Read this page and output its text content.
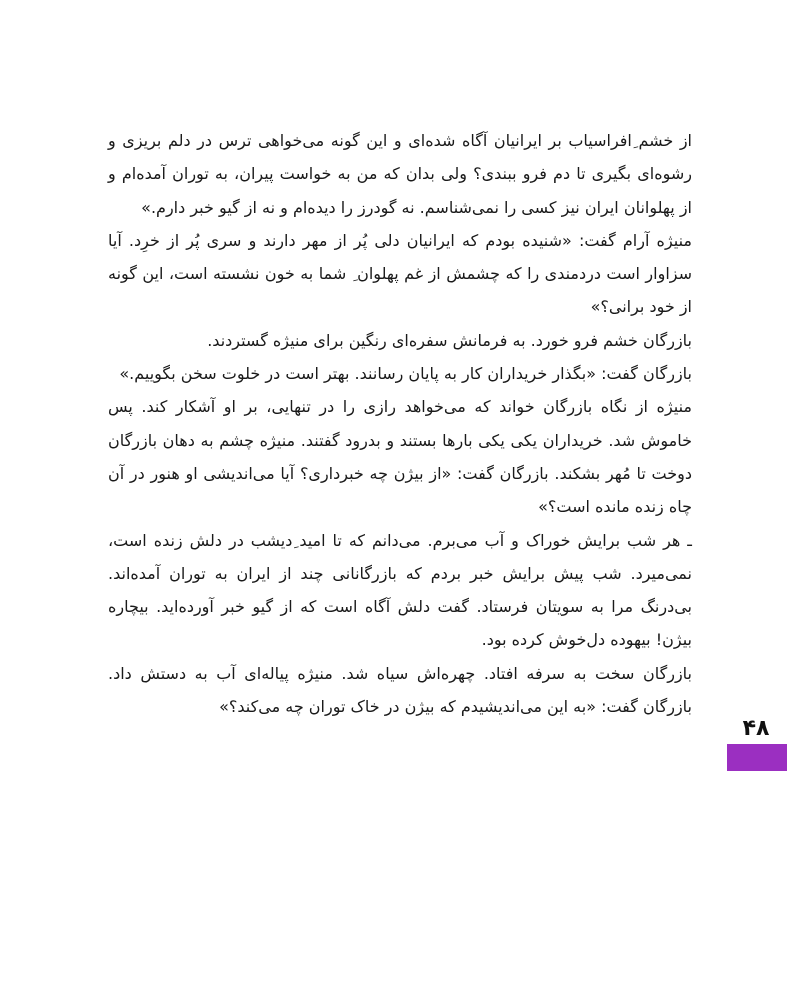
از خشم ِافراسیاب بر ایرانیان آگاه شده‌ای و این گونه می‌خواهی ترس در دلم بریزی و رشوه‌ای بگیری تا دم فرو ببندی؟ ولی بدان که من به خواست پیران، به توران آمده‌ام و از پهلوانان ایران نیز کسی را نمی‌شناسم. نه گودرز را دیده‌ام و نه از گیو خبر دارم.»

منیژه آرام گفت: «شنیده بودم که ایرانیان دلی پُر از مهر دارند و سری پُر از خرِد. آیا سزاوار است دردمندی را که چشمش از غم پهلوان ِ شما به خون نشسته است، این گونه از خود برانی؟»

بازرگان خشم فرو خورد. به فرمانش سفره‌ای رنگین برای منیژه گستردند.

بازرگان گفت: «بگذار خریداران کار به پایان رسانند. بهتر است در خلوت سخن بگوییم.»

منیژه از نگاه بازرگان خواند که می‌خواهد رازی را در تنهایی، بر او آشکار کند. پس خاموش شد. خریداران یکی یکی بارها بستند و بدرود گفتند. منیژه چشم به دهان بازرگان دوخت تا مُهر بشکند. بازرگان گفت: «از بیژن چه خبرداری؟ آیا می‌اندیشی او هنور در آن چاه زنده مانده است؟»

ـ هر شب برایش خوراک و آب می‌برم. می‌دانم که تا امید ِدیشب در دلش زنده است، نمی‌میرد. شب پیش برایش خبر بردم که بازرگانانی چند از ایران به توران آمده‌اند. بی‌درنگ مرا به سویتان فرستاد. گفت دلش آگاه است که از گیو خبر آورده‌اید. بیچاره بیژن! بیهوده دل‌خوش کرده بود.

بازرگان سخت به سرفه افتاد. چهره‌اش سیاه شد. منیژه پیاله‌ای آب به دستش داد. بازرگان گفت: «به این می‌اندیشیدم که بیژن در خاک توران چه می‌کند؟»

۴۸
